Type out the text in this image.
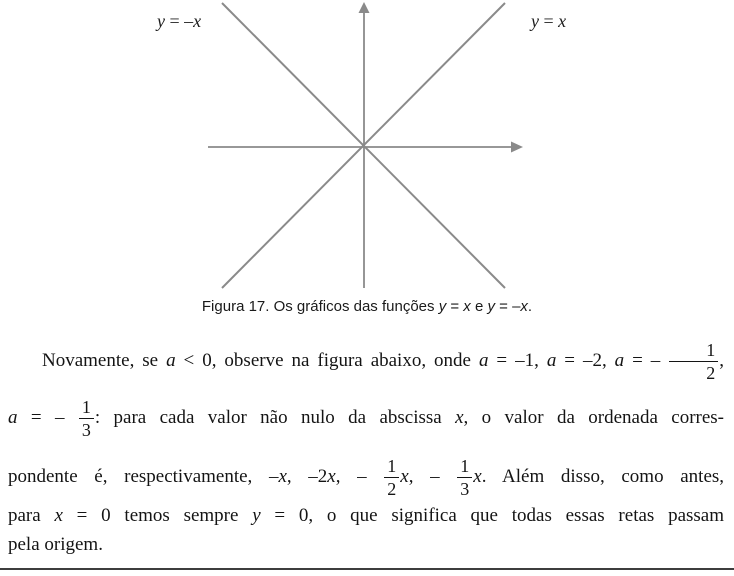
y = –x	y = x
Figura 17. Os gráficos das funções y = x e y = –x.
Novamente, se a < 0, observe na figura abaixo, onde a = –1, a = –2, a = – $\frac{1}{2}$ ,
a = – $\frac{1}{3}$ : para cada valor não nulo da abscissa x, o valor da ordenada corres-
pondente é, respectivamente, –x, –2x, – $\frac{1}{2} x$, – $\frac{1}{3} x$. Além disso, como antes,
para x = 0 temos sempre y = 0, o que significa que todas essas retas passam
pela origem.
